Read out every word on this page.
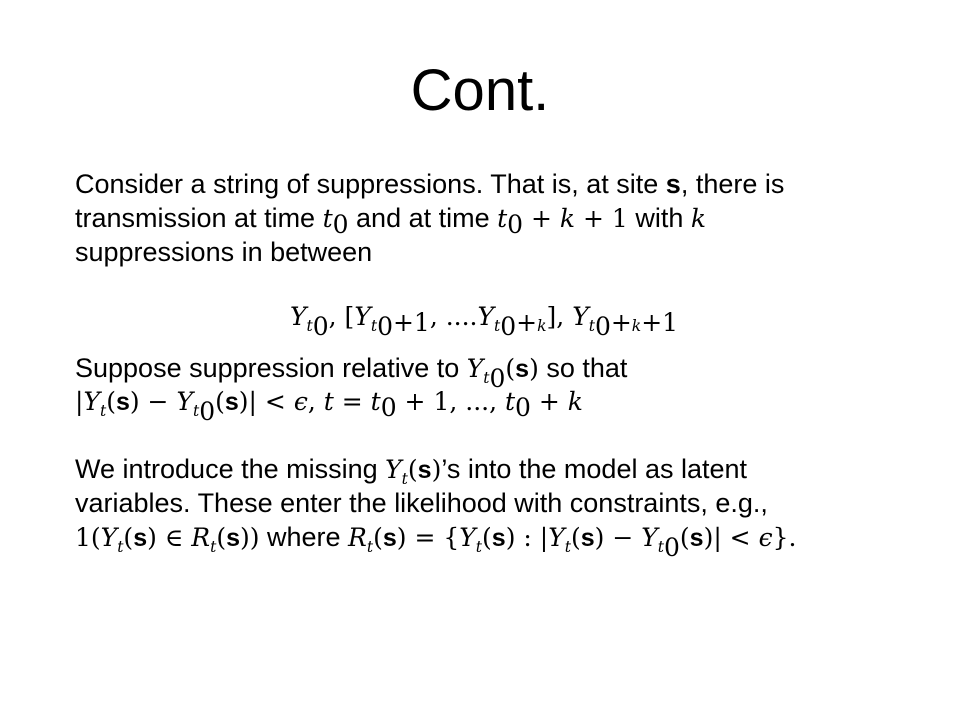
Cont.
Consider a string of suppressions. That is, at site s, there is
transmission at time $t_0$ and at time $t_0 + k + 1$ with k
suppressions in between
$Y_{t_0}$, [$Y_{t_0+1}$, $....Y_{t_0+k}$], $Y_{t_0+k+1}$
Suppose suppression relative to $Y_{t_0}(s)$ so that
$|Y_t(s) - Y_{t_0}(s)| < \epsilon$, $t = t_0 + 1$, ..., $t_0 + k$
We introduce the missing $Y_t(s)’s$ into the model as latent
variables. These enter the likelihood with constraints, e.g.,
$1(Y_t(s)$ ∈ $R_t(s)$) where $R_t(s) = \{Y_t(s)$ : $|Y_t(s) - Y_{t_0}(s)| < \epsilon$}.
